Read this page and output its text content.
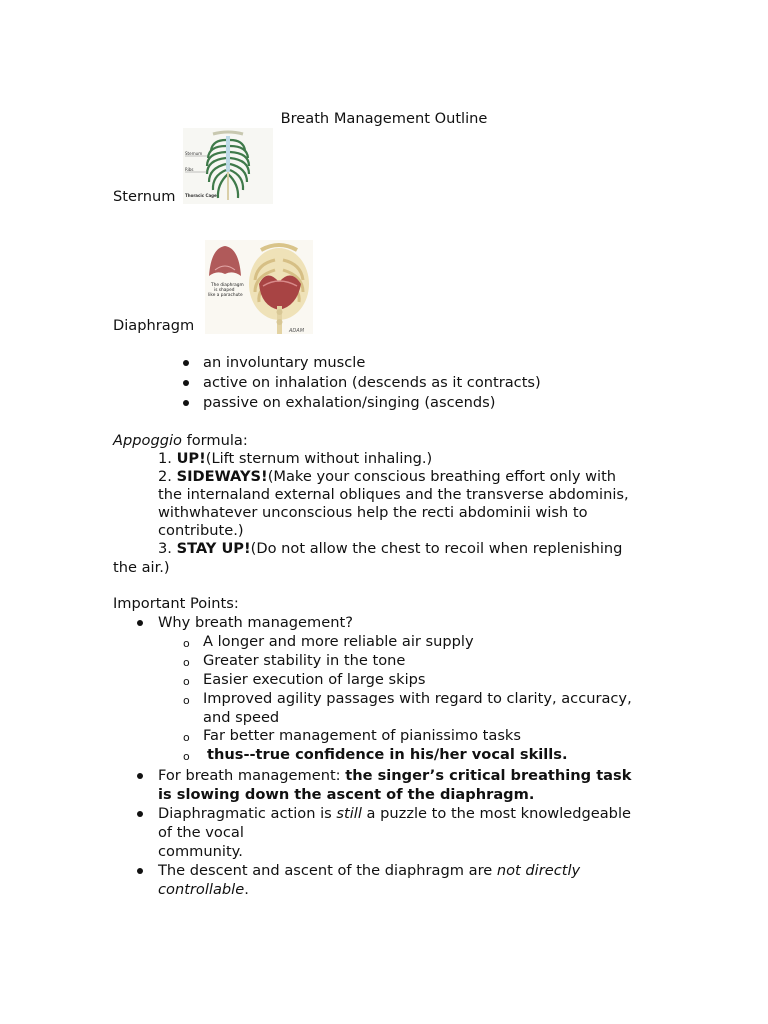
Breath Management Outline
Sternum
Ribs
Thoracic Cage
Sternum
The diaphragm
is shaped
like a parachute
ADAM
Diaphragm
an involuntary muscle
active on inhalation (descends as it contracts)
passive on exhalation/singing (ascends)
Appoggio formula:
1. UP!(Lift sternum without inhaling.)
2. SIDEWAYS!(Make your conscious breathing effort only with
the internaland external obliques and the transverse abdominis,
withwhatever unconscious help the recti abdominii wish to
contribute.)
3. STAY UP!(Do not allow the chest to recoil when replenishing
the air.)
Important Points:
Why breath management?
o A longer and more reliable air supply
o Greater stability in the tone
o Easier execution of large skips
o Improved agility passages with regard to clarity, accuracy,
and speed
o Far better management of pianissimo tasks
o thus--true confidence in his/her vocal skills.
For breath management: the singer’s critical breathing task
is slowing down the ascent of the diaphragm.
Diaphragmatic action is still a puzzle to the most knowledgeable
of the vocal
community.
The descent and ascent of the diaphragm are not directly
controllable.
